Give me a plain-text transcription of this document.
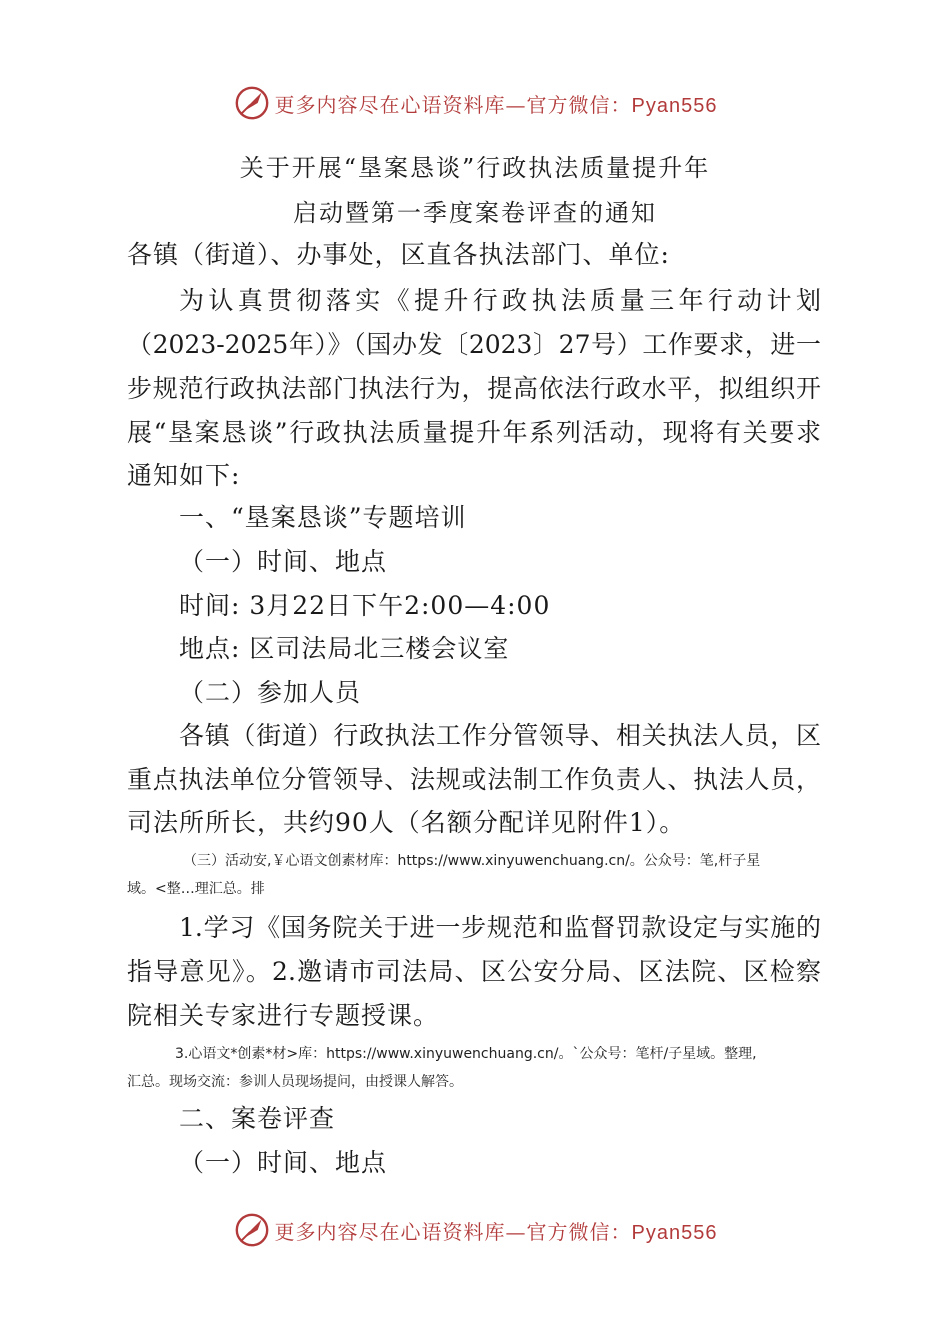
更多内容尽在心语资料库—官方微信：Pyan556
关于开展“垦案恳谈”行政执法质量提升年
启动暨第一季度案卷评查的通知
各镇（街道）、办事处，区直各执法部门、单位:
为认真贯彻落实《提升行政执法质量三年行动计划
（2023-2025年）》（国办发〔2023〕27号）工作要求，进一
步规范行政执法部门执法行为，提高依法行政水平，拟组织开
展“垦案恳谈”行政执法质量提升年系列活动，现将有关要求
通知如下:
一、“垦案恳谈”专题培训
（一）时间、地点
时间: 3月22日下午2:00—4:00
地点: 区司法局北三楼会议室
（二）参加人员
各镇（街道）行政执法工作分管领导、相关执法人员，区
重点执法单位分管领导、法规或法制工作负责人、执法人员，
司法所所长，共约90人（名额分配详见附件1）。
（三）活动安,￥心语文创素材库：https://www.xinyuwenchuang.cn/。公众号：笔,杆子星
域。<整…理汇总。排
1.学习《国务院关于进一步规范和监督罚款设定与实施的
指导意见》。2.邀请市司法局、区公安分局、区法院、区检察
院相关专家进行专题授课。
3.心语文*创素*材>库：https://www.xinyuwenchuang.cn/。`公众号：笔杆/子星域。整理,
汇总。现场交流：参训人员现场提问，由授课人解答。
二、案卷评查
（一）时间、地点
更多内容尽在心语资料库—官方微信：Pyan556
